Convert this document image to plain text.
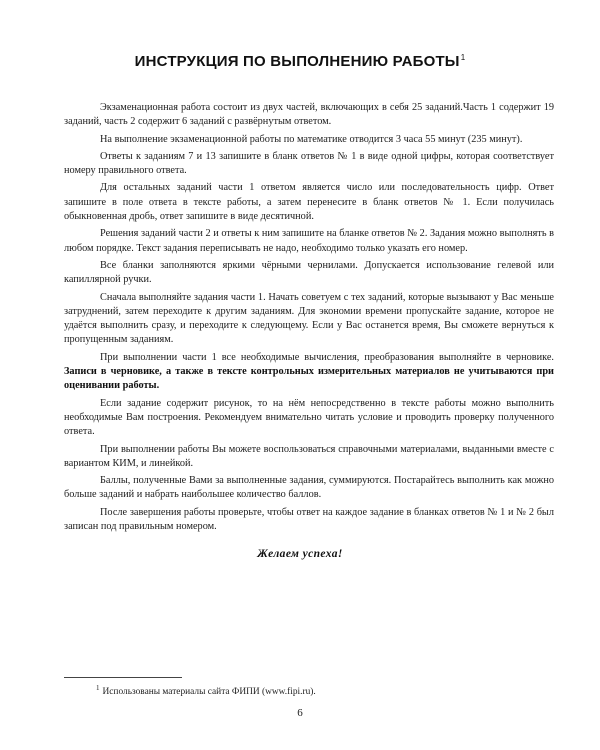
ИНСТРУКЦИЯ ПО ВЫПОЛНЕНИЮ РАБОТЫ$^1$

Экзаменационная работа состоит из двух частей, включающих в себя 25 заданий.Часть 1 содержит 19 заданий, часть 2 содержит 6 заданий с развёрнутым ответом.

На выполнение экзаменационной работы по математике отводится 3 часа 55 минут (235 минут).

Ответы к заданиям 7 и 13 запишите в бланк ответов № 1 в виде одной цифры, которая соответствует номеру правильного ответа.

Для остальных заданий части 1 ответом является число или последовательность цифр. Ответ запишите в поле ответа в тексте работы, а затем перенесите в бланк ответов № 1. Если получилась обыкновенная дробь, ответ запишите в виде десятичной.

Решения заданий части 2 и ответы к ним запишите на бланке ответов № 2. Задания можно выполнять в любом порядке. Текст задания переписывать не надо, необходимо только указать его номер.

Все бланки заполняются яркими чёрными чернилами. Допускается использование гелевой или капиллярной ручки.

Сначала выполняйте задания части 1. Начать советуем с тех заданий, которые вызывают у Вас меньше затруднений, затем переходите к другим заданиям. Для экономии времени пропускайте задание, которое не удаётся выполнить сразу, и переходите к следующему. Если у Вас останется время, Вы сможете вернуться к пропущенным заданиям.

При выполнении части 1 все необходимые вычисления, преобразования выполняйте в черновике. Записи в черновике, а также в тексте контрольных измерительных материалов не учитываются при оценивании работы.

Если задание содержит рисунок, то на нём непосредственно в тексте работы можно выполнить необходимые Вам построения. Рекомендуем внимательно читать условие и проводить проверку полученного ответа.

При выполнении работы Вы можете воспользоваться справочными материалами, выданными вместе с вариантом КИМ, и линейкой.

Баллы, полученные Вами за выполненные задания, суммируются. Постарайтесь выполнить как можно больше заданий и набрать наибольшее количество баллов.

После завершения работы проверьте, чтобы ответ на каждое задание в бланках ответов № 1 и № 2 был записан под правильным номером.

Желаем успеха!
$^1$ Использованы материалы сайта ФИПИ (www.fipi.ru).
6
